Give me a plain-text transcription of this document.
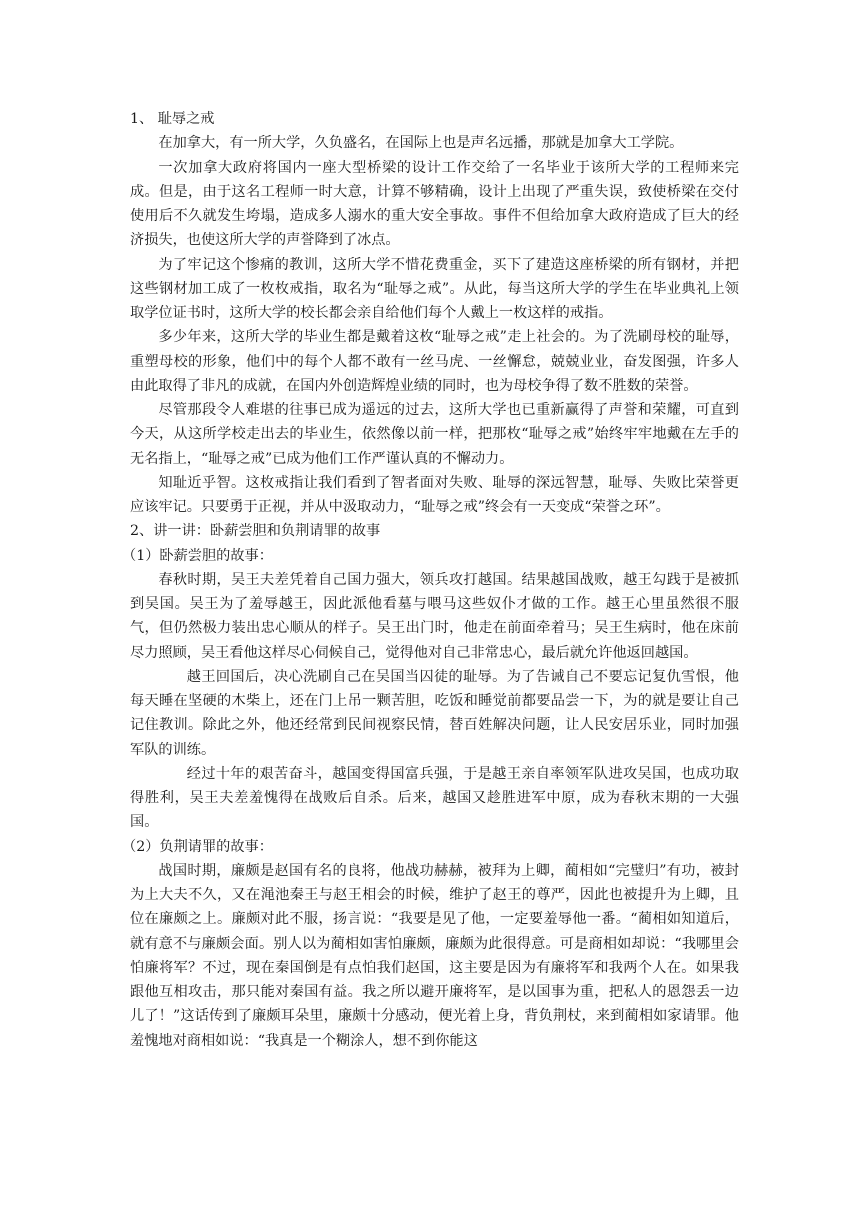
1、 耻辱之戒

在加拿大，有一所大学，久负盛名，在国际上也是声名远播，那就是加拿大工学院。

一次加拿大政府将国内一座大型桥梁的设计工作交给了一名毕业于该所大学的工程师来完成。但是，由于这名工程师一时大意，计算不够精确，设计上出现了严重失误，致使桥梁在交付使用后不久就发生垮塌，造成多人溺水的重大安全事故。事件不但给加拿大政府造成了巨大的经济损失，也使这所大学的声誉降到了冰点。

为了牢记这个惨痛的教训，这所大学不惜花费重金，买下了建造这座桥梁的所有钢材，并把这些钢材加工成了一枚枚戒指，取名为“耻辱之戒”。从此，每当这所大学的学生在毕业典礼上领取学位证书时，这所大学的校长都会亲自给他们每个人戴上一枚这样的戒指。

多少年来，这所大学的毕业生都是戴着这枚“耻辱之戒”走上社会的。为了洗刷母校的耻辱，重塑母校的形象，他们中的每个人都不敢有一丝马虎、一丝懈怠，兢兢业业，奋发图强，许多人由此取得了非凡的成就，在国内外创造辉煌业绩的同时，也为母校争得了数不胜数的荣誉。

尽管那段令人难堪的往事已成为遥远的过去，这所大学也已重新赢得了声誉和荣耀，可直到今天，从这所学校走出去的毕业生，依然像以前一样，把那枚“耻辱之戒”始终牢牢地戴在左手的无名指上，“耻辱之戒”已成为他们工作严谨认真的不懈动力。

知耻近乎智。这枚戒指让我们看到了智者面对失败、耻辱的深远智慧，耻辱、失败比荣誉更应该牢记。只要勇于正视，并从中汲取动力，“耻辱之戒”终会有一天变成“荣誉之环”。

2、讲一讲：卧薪尝胆和负荆请罪的故事

（1）卧薪尝胆的故事：

春秋时期，吴王夫差凭着自己国力强大，领兵攻打越国。结果越国战败，越王勾践于是被抓到吴国。吴王为了羞辱越王，因此派他看墓与喂马这些奴仆才做的工作。越王心里虽然很不服气，但仍然极力装出忠心顺从的样子。吴王出门时，他走在前面牵着马；吴王生病时，他在床前尽力照顾，吴王看他这样尽心伺候自己，觉得他对自己非常忠心，最后就允许他返回越国。

越王回国后，决心洗刷自己在吴国当囚徒的耻辱。为了告诫自己不要忘记复仇雪恨，他每天睡在坚硬的木柴上，还在门上吊一颗苦胆，吃饭和睡觉前都要品尝一下，为的就是要让自己记住教训。除此之外，他还经常到民间视察民情，替百姓解决问题，让人民安居乐业，同时加强军队的训练。

经过十年的艰苦奋斗，越国变得国富兵强，于是越王亲自率领军队进攻吴国，也成功取得胜利，吴王夫差羞愧得在战败后自杀。后来，越国又趁胜进军中原，成为春秋末期的一大强国。

（2）负荆请罪的故事：

战国时期，廉颇是赵国有名的良将，他战功赫赫，被拜为上卿，蔺相如“完璧归”有功，被封为上大夫不久，又在渑池秦王与赵王相会的时候，维护了赵王的尊严，因此也被提升为上卿，且位在廉颇之上。廉颇对此不服，扬言说：“我要是见了他，一定要羞辱他一番。“蔺相如知道后，就有意不与廉颇会面。别人以为蔺相如害怕廉颇，廉颇为此很得意。可是商相如却说：“我哪里会怕廉将军？不过，现在秦国倒是有点怕我们赵国，这主要是因为有廉将军和我两个人在。如果我跟他互相攻击，那只能对秦国有益。我之所以避开廉将军，是以国事为重，把私人的恩怨丢一边儿了！”这话传到了廉颇耳朵里，廉颇十分感动，便光着上身，背负荆杖，来到蔺相如家请罪。他羞愧地对商相如说：“我真是一个糊涂人，想不到你能这
